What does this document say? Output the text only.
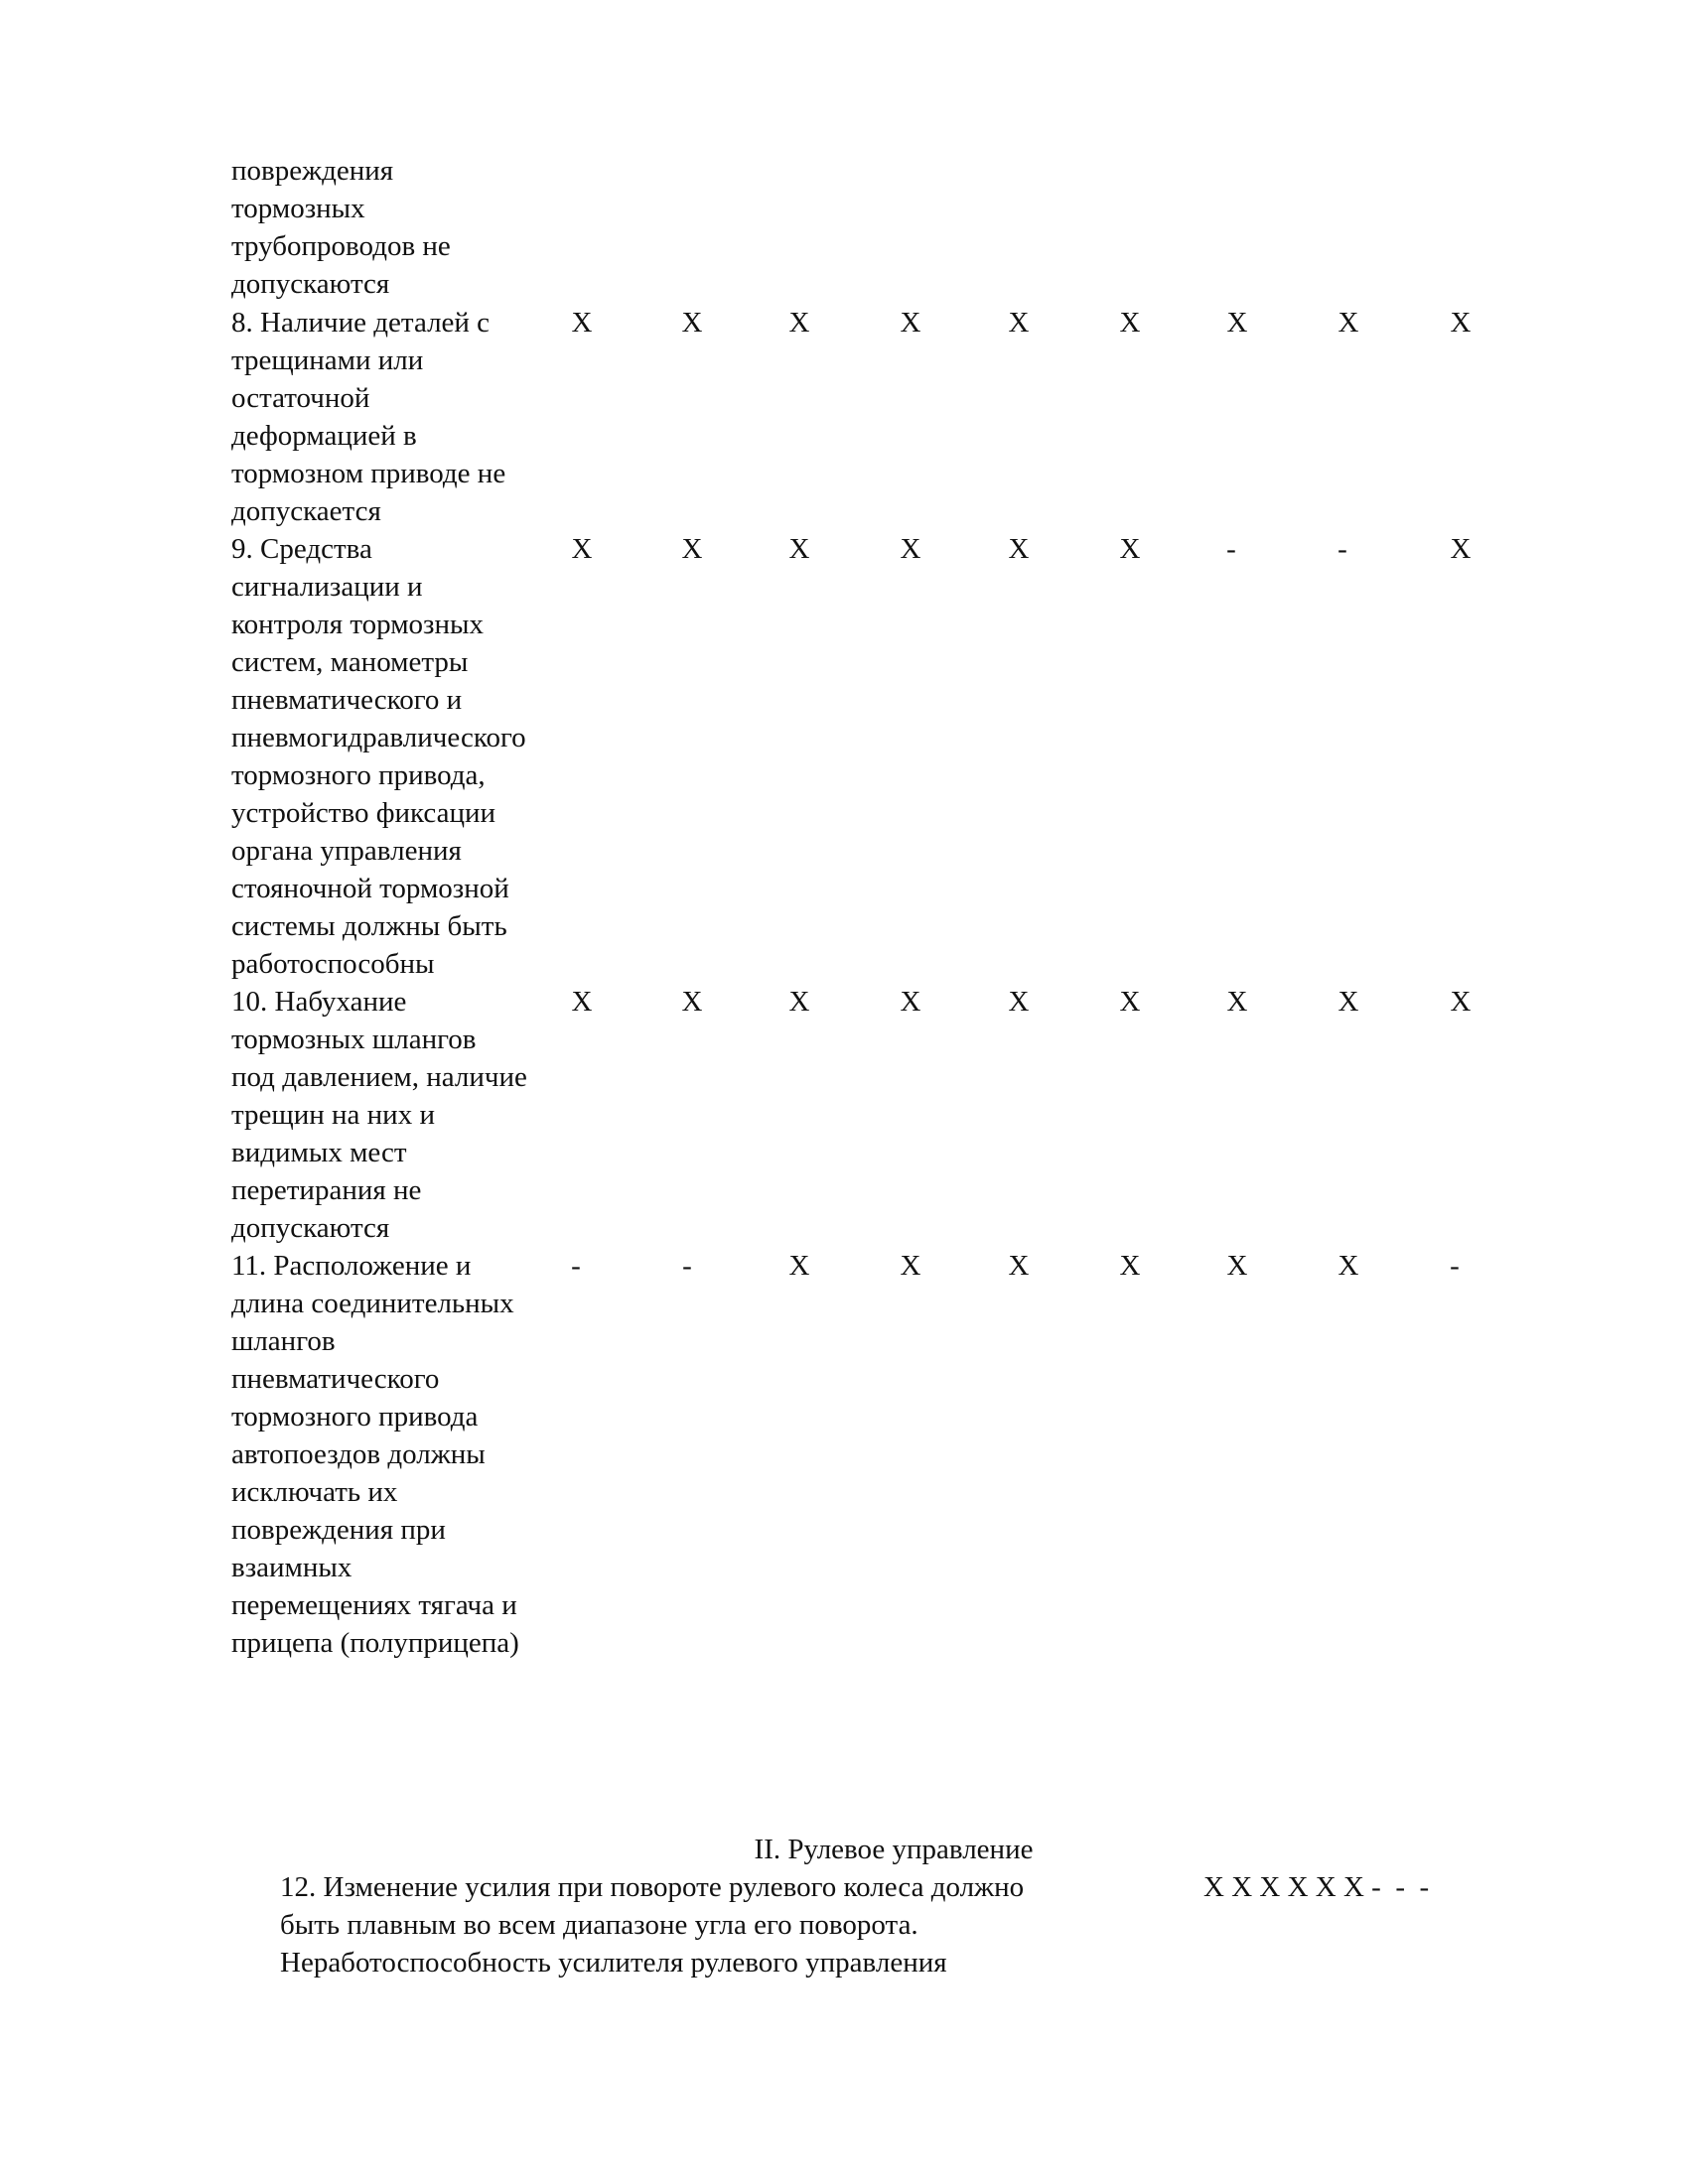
повреждения
тормозных
трубопроводов не
допускаются
8. Наличие деталей с
трещинами или
остаточной
деформацией в
тормозном приводе не
допускается
X	X	X	X	X	X	X	X	X
9. Средства
сигнализации и
контроля тормозных
систем, манометры
пневматического и
пневмогидравлического
тормозного привода,
устройство фиксации
органа управления
стояночной тормозной
системы должны быть
работоспособны
X	X	X	X	X	X	-	-	X
10. Набухание
тормозных шлангов
под давлением, наличие
трещин на них и
видимых мест
перетирания не
допускаются
X	X	X	X	X	X	X	X	X
11. Расположение и
длина соединительных
шлангов
пневматического
тормозного привода
автопоездов должны
исключать их
повреждения при
взаимных
перемещениях тягача и
прицепа (полуприцепа)
-	-	X	X	X	X	X	X	-
II. Рулевое управление
12. Изменение усилия при повороте рулевого колеса должно
быть плавным во всем диапазоне угла его поворота.
Неработоспособность усилителя рулевого управления
X X X X X X -  -  -
